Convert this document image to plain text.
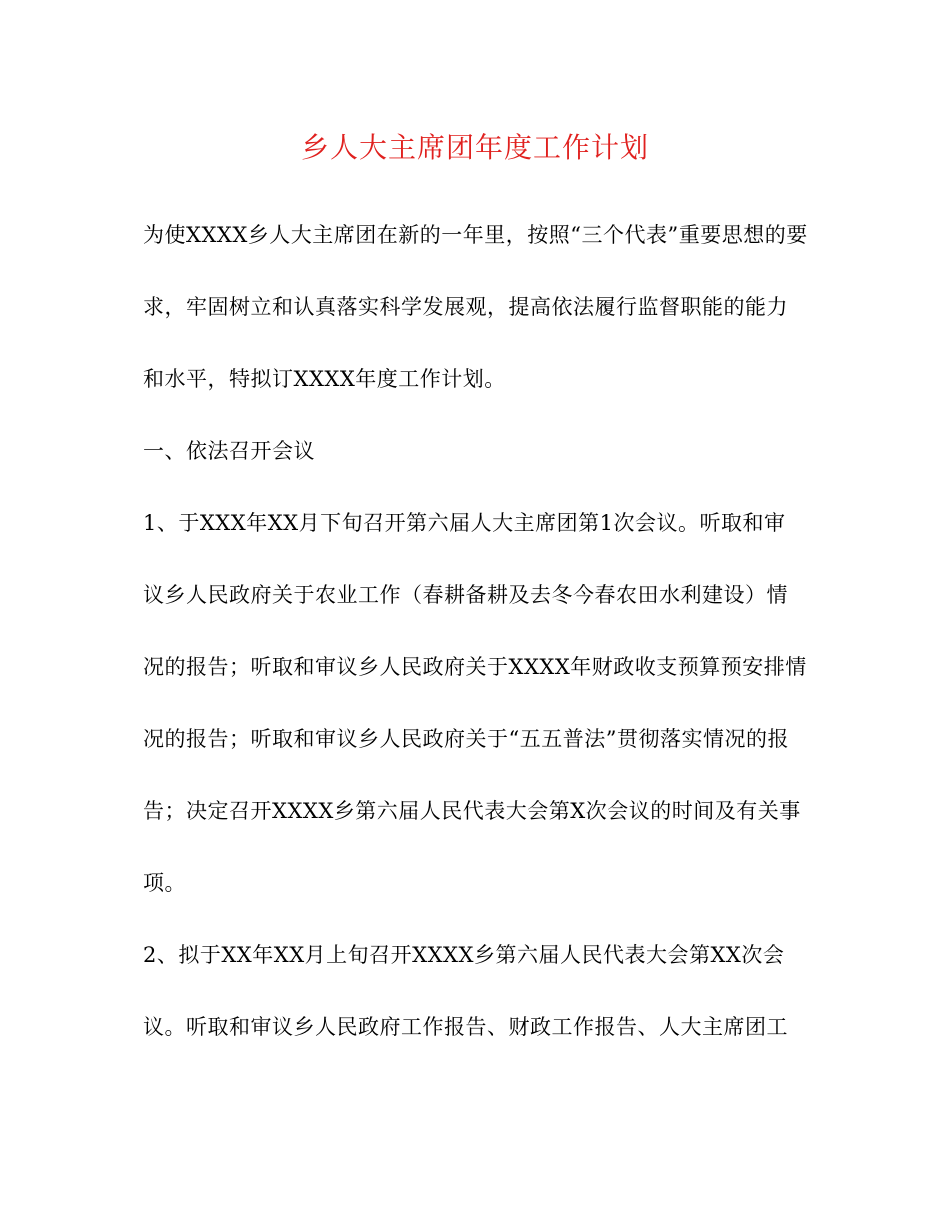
乡人大主席团年度工作计划
为使XXXX乡人大主席团在新的一年里，按照“三个代表”重要思想的要
求，牢固树立和认真落实科学发展观，提高依法履行监督职能的能力
和水平，特拟订XXXX年度工作计划。
一、依法召开会议
1、于XXX年XX月下旬召开第六届人大主席团第1次会议。听取和审
议乡人民政府关于农业工作（春耕备耕及去冬今春农田水利建设）情
况的报告；听取和审议乡人民政府关于XXXX年财政收支预算预安排情
况的报告；听取和审议乡人民政府关于“五五普法”贯彻落实情况的报
告；决定召开XXXX乡第六届人民代表大会第X次会议的时间及有关事
项。
2、拟于XX年XX月上旬召开XXXX乡第六届人民代表大会第XX次会
议。听取和审议乡人民政府工作报告、财政工作报告、人大主席团工
